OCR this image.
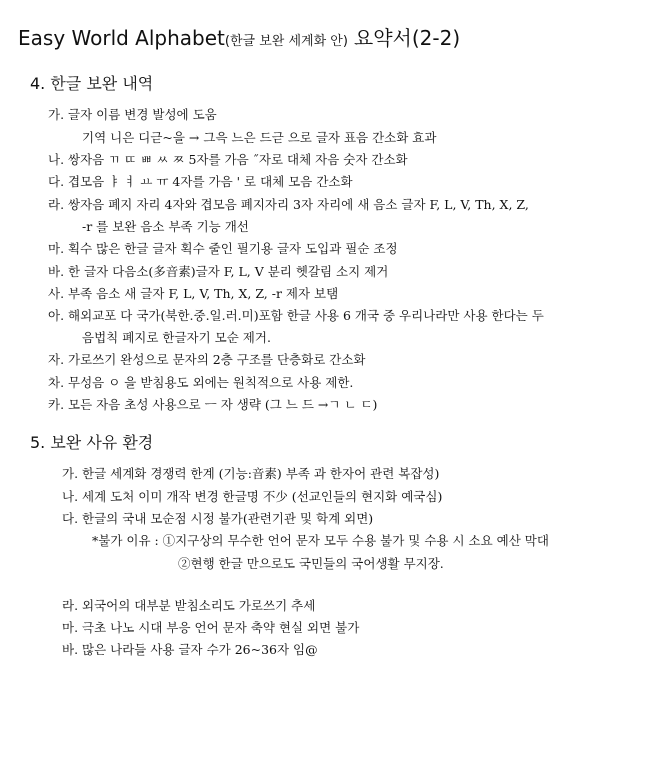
Easy World Alphabet(한글 보완 세계화 안) 요약서(2-2)
4. 한글 보완 내역
가. 글자 이름 변경 발성에 도움
기역 니은 디귿~을 → 그윽 느은 드귿 으로 글자 표음 간소화 효과
나. 쌍자음 ㄲ ㄸ ㅃ ㅆ ㅉ 5자를 가음 ˝자로 대체 자음 숫자 간소화
다. 겹모음 ㅑ ㅕ ㅛ ㅠ 4자를 가음 ' 로 대체 모음 간소화
라. 쌍자음 폐지 자리 4자와 겹모음 폐지자리 3자 자리에 새 음소 글자 F, L, V, Th, X, Z,
-r 를 보완 음소 부족 기능 개선
마. 획수 많은 한글 글자 획수 줄인 필기용 글자 도입과 필순 조정
바. 한 글자 다음소(多音素)글자 F, L, V 분리 헷갈림 소지 제거
사. 부족 음소 새 글자 F, L, V, Th, X, Z, -r 제자 보탬
아. 해외교포 다 국가(북한.중.일.러.미)포함 한글 사용 6 개국 중 우리나라만 사용 한다는 두
음법칙 폐지로 한글자기 모순 제거.
자. 가로쓰기 완성으로 문자의 2층 구조를 단층화로 간소화
차. 무성음 ㅇ 을 받침용도 외에는 원칙적으로 사용 제한.
카. 모든 자음 초성 사용으로 ㅡ 자 생략 (그 느 드 →ㄱ ㄴ ㄷ)
5. 보완 사유 환경
가. 한글 세계화 경쟁력 한계 (기능:音素) 부족 과 한자어 관련 복잡성)
나. 세계 도처 이미 개작 변경 한글명 不少 (선교인들의 현지화 예국심)
다. 한글의 국내 모순점 시정 불가(관련기관 및 학계 외면)
*불가 이유 : ①지구상의 무수한 언어 문자 모두 수용 불가 및 수용 시 소요 예산 막대
②현행 한글 만으로도 국민들의 국어생활 무지장.
라. 외국어의 대부분 받침소리도 가로쓰기 추세
마. 극초 나노 시대 부응 언어 문자 축약 현실 외면 불가
바. 많은 나라들 사용 글자 수가 26~36자 임@
